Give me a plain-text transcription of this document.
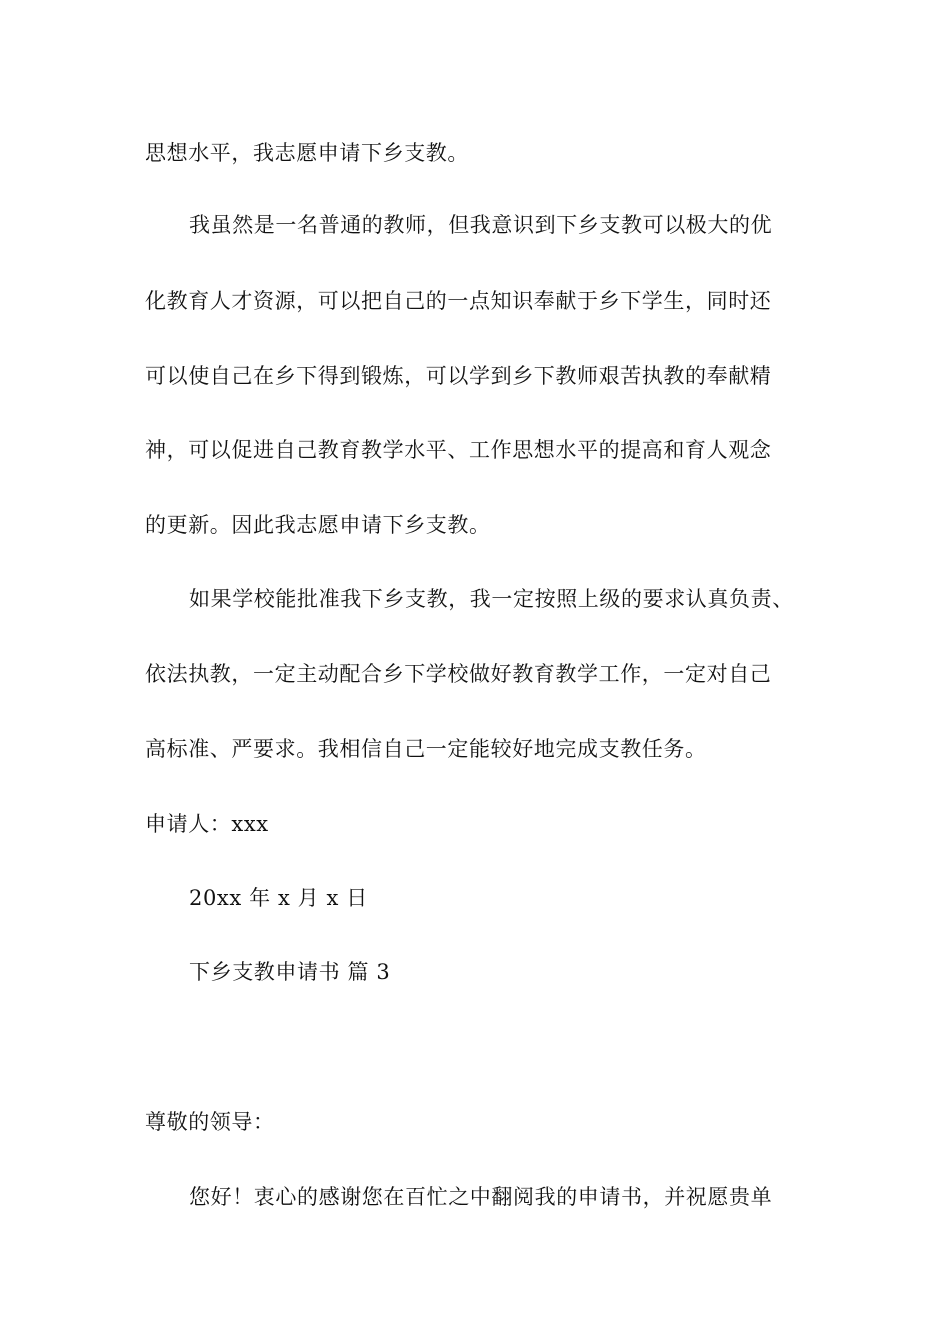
思想水平，我志愿申请下乡支教。
我虽然是一名普通的教师，但我意识到下乡支教可以极大的优
化教育人才资源，可以把自己的一点知识奉献于乡下学生，同时还
可以使自己在乡下得到锻炼，可以学到乡下教师艰苦执教的奉献精
神，可以促进自己教育教学水平、工作思想水平的提高和育人观念
的更新。因此我志愿申请下乡支教。
如果学校能批准我下乡支教，我一定按照上级的要求认真负责、
依法执教，一定主动配合乡下学校做好教育教学工作，一定对自己
高标准、严要求。我相信自己一定能较好地完成支教任务。
申请人：xxx
20xx 年 x 月 x 日
下乡支教申请书 篇 3
尊敬的领导：
您好！衷心的感谢您在百忙之中翻阅我的申请书，并祝愿贵单
